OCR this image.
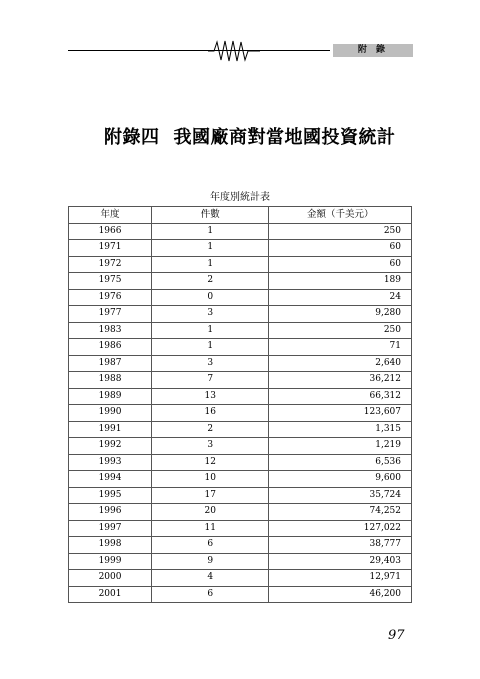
附 錄
附錄四 我國廠商對當地國投資統計
年度別統計表
年度	件數	金額（千美元）
1966	1	250
1971	1	60
1972	1	60
1975	2	189
1976	0	24
1977	3	9,280
1983	1	250
1986	1	71
1987	3	2,640
1988	7	36,212
1989	13	66,312
1990	16	123,607
1991	2	1,315
1992	3	1,219
1993	12	6,536
1994	10	9,600
1995	17	35,724
1996	20	74,252
1997	11	127,022
1998	6	38,777
1999	9	29,403
2000	4	12,971
2001	6	46,200
97
